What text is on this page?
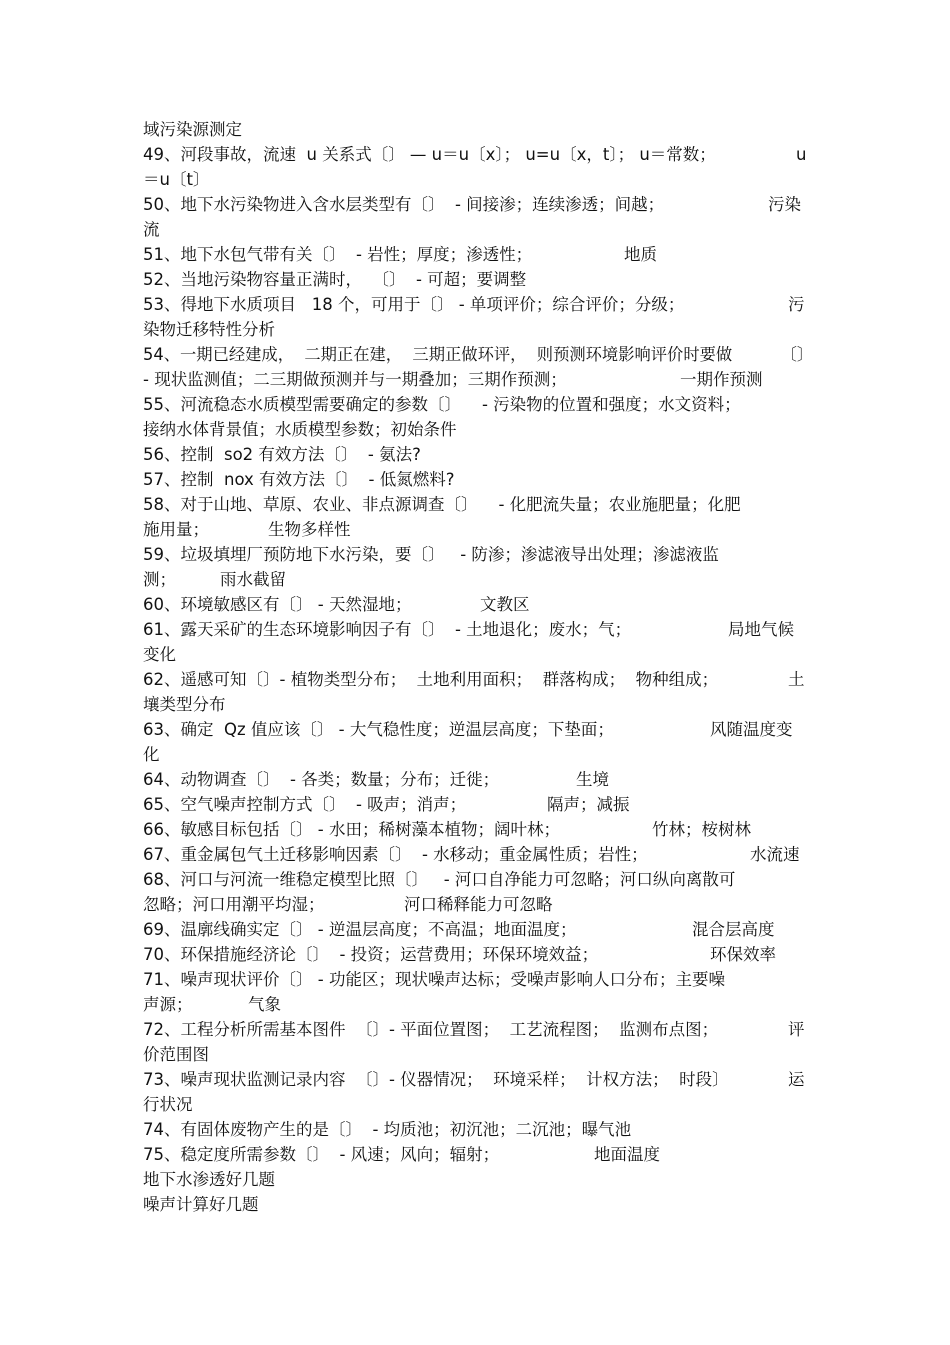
域污染源测定
49、河段事故，流速  u 关系式〔〕 — u＝u〔x〕； u=u〔x，t〕； u＝常数；	u
＝u〔t〕
50、地下水污染物进入含水层类型有〔〕  - 间接渗；连续渗透；间越；	污染
流
51、地下水包气带有关〔〕  - 岩性；厚度；渗透性；	地质
52、当地污染物容量正满时，  〔〕  - 可超；要调整
53、得地下水质项目   18 个，可用于〔〕 - 单项评价；综合评价；分级；	污
染物迁移特性分析
54、一期已经建成，  二期正在建，  三期正做环评，  则预测环境影响评价时要做	〔〕
- 现状监测值；二三期做预测并与一期叠加；三期作预测；	一期作预测
55、河流稳态水质模型需要确定的参数〔〕    - 污染物的位置和强度；水文资料；
接纳水体背景值；水质模型参数；初始条件
56、控制  so2 有效方法〔〕  - 氨法?
57、控制  nox 有效方法〔〕  - 低氮燃料?
58、对于山地、草原、农业、非点源调查〔〕    - 化肥流失量；农业施肥量；化肥
施用量；	生物多样性
59、垃圾填埋厂预防地下水污染，要〔〕   - 防渗；渗滤液导出处理；渗滤液监
测；	雨水截留
60、环境敏感区有〔〕 - 天然湿地；	文教区
61、露天采矿的生态环境影响因子有〔〕  - 土地退化；废水；气；	局地气候
变化
62、遥感可知〔〕- 植物类型分布；  土地利用面积；  群落构成；  物种组成；	土
壤类型分布
63、确定  Qz 值应该〔〕 - 大气稳性度；逆温层高度；下垫面；	风随温度变
化
64、动物调查〔〕  - 各类；数量；分布；迁徙；	生境
65、空气噪声控制方式〔〕  - 吸声；消声；	隔声；减振
66、敏感目标包括〔〕 - 水田；稀树藻本植物；阔叶林；	竹林；桉树林
67、重金属包气土迁移影响因素〔〕  - 水移动；重金属性质；岩性；	水流速
68、河口与河流一维稳定模型比照〔〕   - 河口自净能力可忽略；河口纵向离散可
忽略；河口用潮平均湿；	河口稀释能力可忽略
69、温廓线确实定〔〕 - 逆温层高度；不高温；地面温度；	混合层高度
70、环保措施经济论〔〕  - 投资；运营费用；环保环境效益；	环保效率
71、噪声现状评价〔〕 - 功能区；现状噪声达标；受噪声影响人口分布；主要噪
声源；	气象
72、工程分析所需基本图件  〔〕- 平面位置图；  工艺流程图；  监测布点图；	评
价范围图
73、噪声现状监测记录内容  〔〕- 仪器情况；  环境采样；  计权方法；  时段〕	运
行状况
74、有固体废物产生的是〔〕  - 均质池；初沉池；二沉池；曝气池
75、稳定度所需参数〔〕  - 风速；风向；辐射；	地面温度
地下水渗透好几题
噪声计算好几题
